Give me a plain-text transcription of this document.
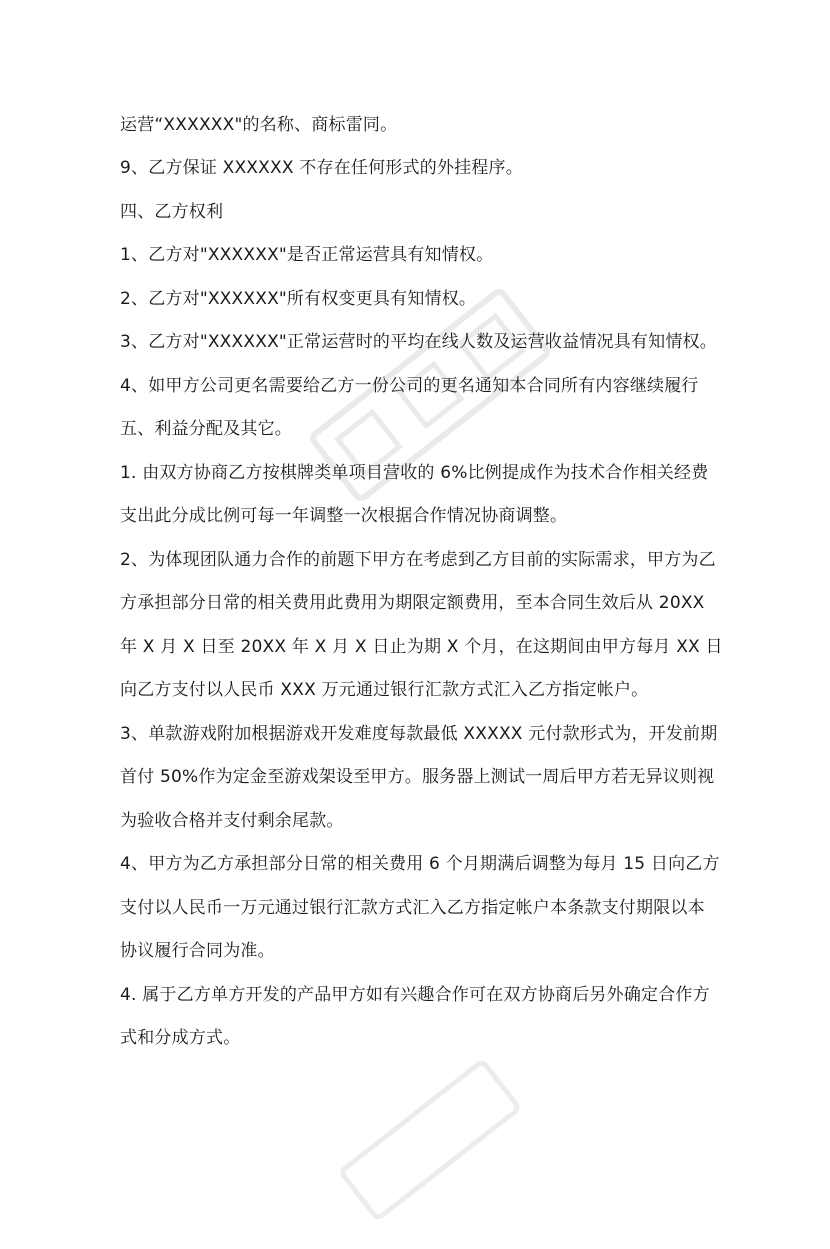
运营“XXXXXX"的名称、商标雷同。
9、乙方保证 XXXXXX 不存在任何形式的外挂程序。
四、乙方权利
1、乙方对"XXXXXX"是否正常运营具有知情权。
2、乙方对"XXXXXX"所有权变更具有知情权。
3、乙方对"XXXXXX"正常运营时的平均在线人数及运营收益情况具有知情权。
4、如甲方公司更名需要给乙方一份公司的更名通知本合同所有内容继续履行
五、利益分配及其它。
1. 由双方协商乙方按棋牌类单项目营收的 6%比例提成作为技术合作相关经费
支出此分成比例可每一年调整一次根据合作情况协商调整。
2、为体现团队通力合作的前题下甲方在考虑到乙方目前的实际需求，甲方为乙
方承担部分日常的相关费用此费用为期限定额费用，至本合同生效后从 20XX
年 X 月 X 日至 20XX 年 X 月 X 日止为期 X 个月，在这期间由甲方每月 XX 日
向乙方支付以人民币 XXX 万元通过银行汇款方式汇入乙方指定帐户。
3、单款游戏附加根据游戏开发难度每款最低 XXXXX 元付款形式为，开发前期
首付 50%作为定金至游戏架设至甲方。服务器上测试一周后甲方若无异议则视
为验收合格并支付剩余尾款。
4、甲方为乙方承担部分日常的相关费用 6 个月期满后调整为每月 15 日向乙方
支付以人民币一万元通过银行汇款方式汇入乙方指定帐户本条款支付期限以本
协议履行合同为准。
4. 属于乙方单方开发的产品甲方如有兴趣合作可在双方协商后另外确定合作方
式和分成方式。
